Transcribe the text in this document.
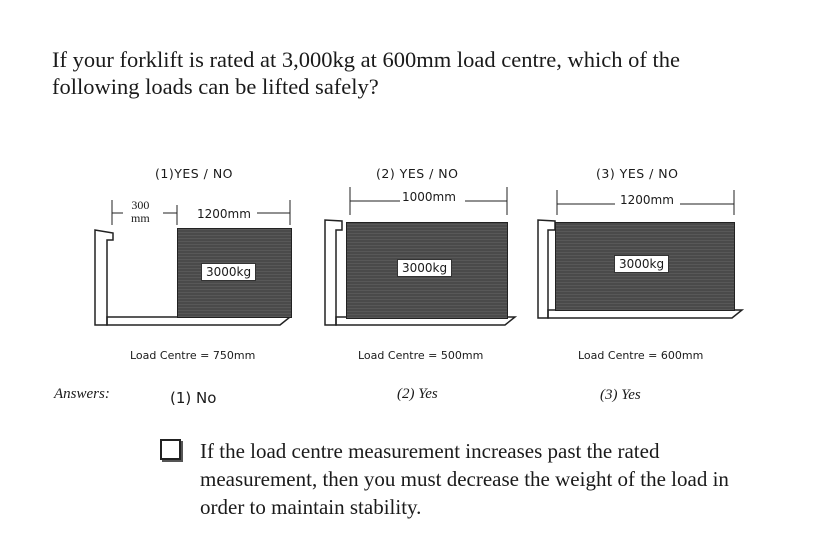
If your forklift is rated at 3,000kg at 600mm load centre, which of the following loads can be lifted safely?
(1)YES / NO
300
mm	1200mm
3000kg
Load Centre = 750mm
(2) YES / NO
1000mm
3000kg
Load Centre = 500mm
(3) YES / NO
1200mm
3000kg
Load Centre = 600mm
Answers:	(1) No	(2) Yes	(3) Yes
If the load centre measurement increases past the rated measurement, then you must decrease the weight of the load in order to maintain stability.
